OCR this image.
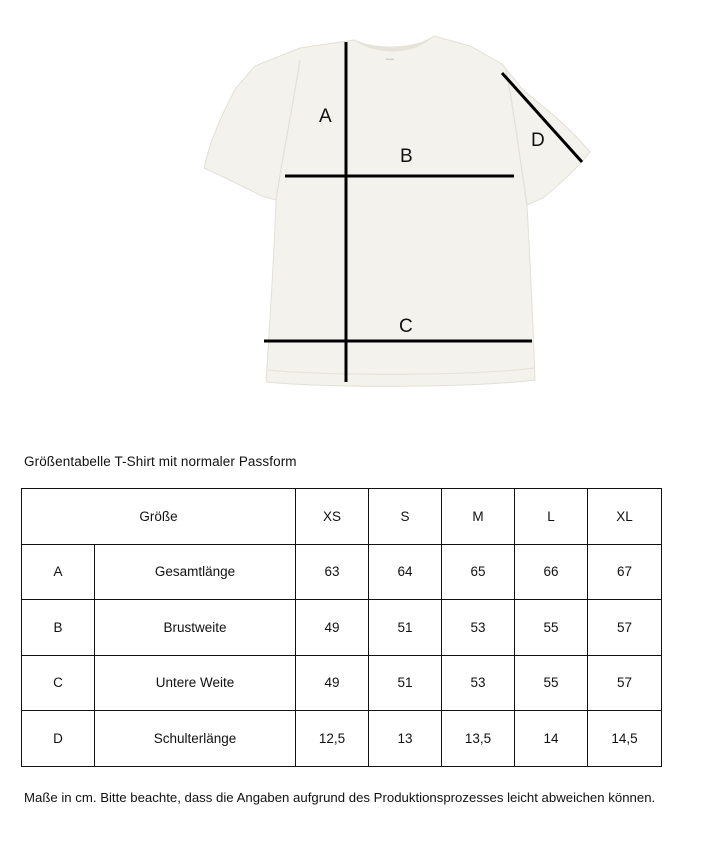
•••• ••••
A
B
C
D
Größentabelle T-Shirt mit normaler Passform
Größe		XS	S	M	L	XL
A	Gesamtlänge	63	64	65	66	67
B	Brustweite	49	51	53	55	57
C	Untere Weite	49	51	53	55	57
D	Schulterlänge	12,5	13	13,5	14	14,5
Maße in cm. Bitte beachte, dass die Angaben aufgrund des Produktionsprozesses leicht abweichen können.
